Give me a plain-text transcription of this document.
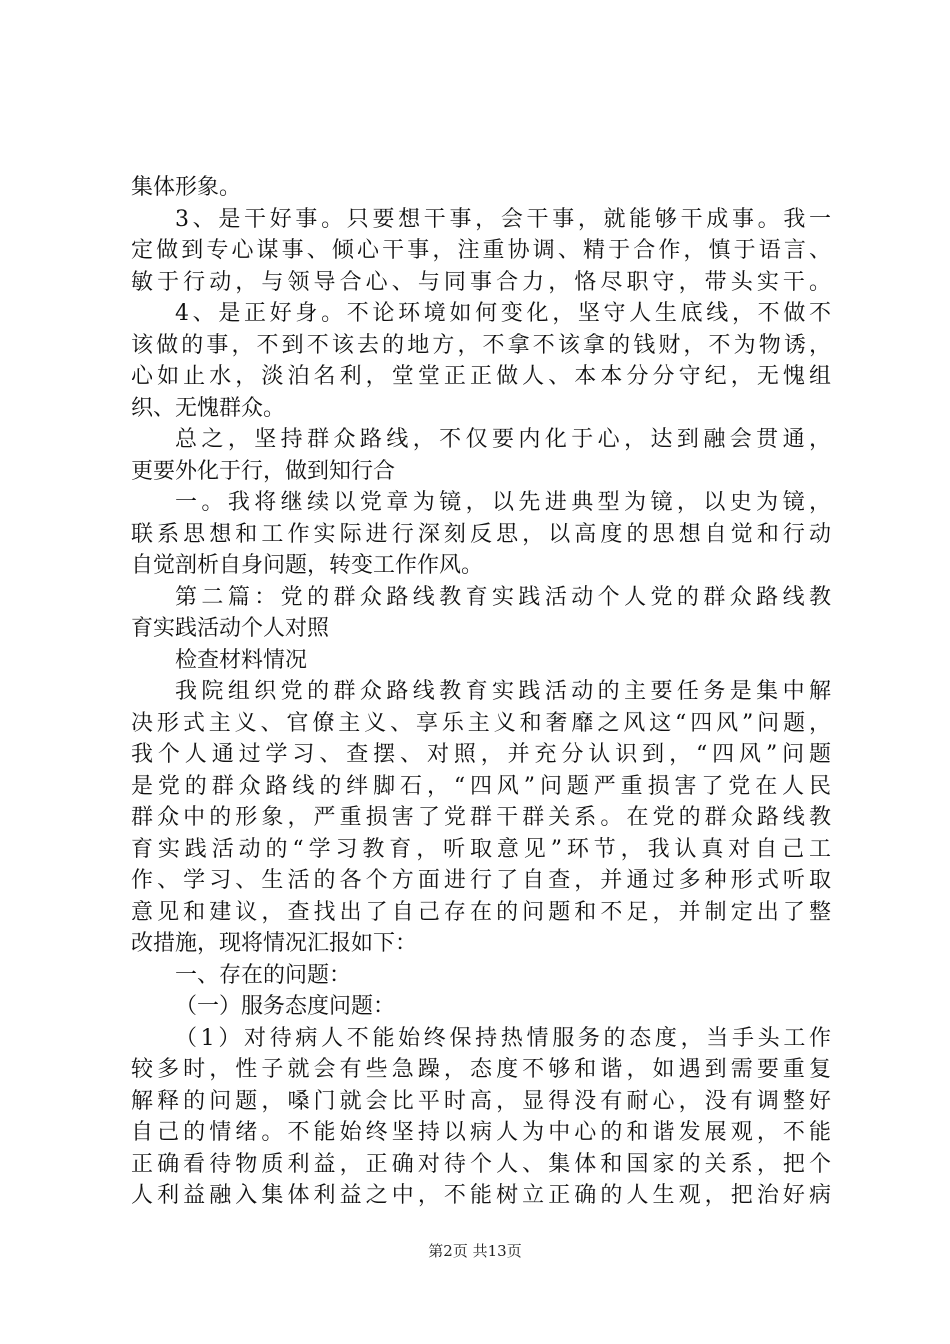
集体形象。
3、是干好事。只要想干事，会干事，就能够干成事。我一
定做到专心谋事、倾心干事，注重协调、精于合作，慎于语言、
敏于行动，与领导合心、与同事合力，恪尽职守，带头实干。
4、是正好身。不论环境如何变化，坚守人生底线，不做不
该做的事，不到不该去的地方，不拿不该拿的钱财，不为物诱，
心如止水，淡泊名利，堂堂正正做人、本本分分守纪，无愧组
织、无愧群众。
总之，坚持群众路线，不仅要内化于心，达到融会贯通，
更要外化于行，做到知行合
一。我将继续以党章为镜，以先进典型为镜，以史为镜，
联系思想和工作实际进行深刻反思，以高度的思想自觉和行动
自觉剖析自身问题，转变工作作风。
第二篇：党的群众路线教育实践活动个人党的群众路线教
育实践活动个人对照
检查材料情况
我院组织党的群众路线教育实践活动的主要任务是集中解
决形式主义、官僚主义、享乐主义和奢靡之风这“四风”问题，
我个人通过学习、查摆、对照，并充分认识到，“四风”问题
是党的群众路线的绊脚石，“四风”问题严重损害了党在人民
群众中的形象，严重损害了党群干群关系。在党的群众路线教
育实践活动的“学习教育，听取意见”环节，我认真对自己工
作、学习、生活的各个方面进行了自查，并通过多种形式听取
意见和建议，查找出了自己存在的问题和不足，并制定出了整
改措施，现将情况汇报如下：
一、存在的问题：
（一）服务态度问题：
（1）对待病人不能始终保持热情服务的态度，当手头工作
较多时，性子就会有些急躁，态度不够和谐，如遇到需要重复
解释的问题，嗓门就会比平时高，显得没有耐心，没有调整好
自己的情绪。不能始终坚持以病人为中心的和谐发展观，不能
正确看待物质利益，正确对待个人、集体和国家的关系，把个
人利益融入集体利益之中，不能树立正确的人生观，把治好病
第2页 共13页
